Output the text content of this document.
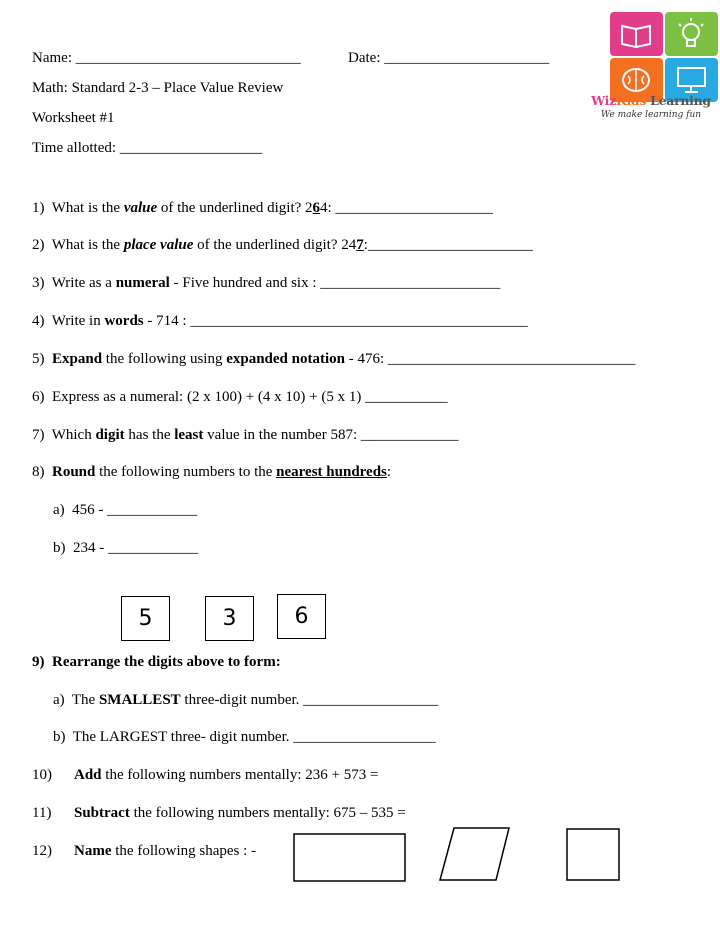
Name: ______________________________	Date: ______________________
Math: Standard 2-3 – Place Value Review
Worksheet #1
Time allotted: ___________________
WizKids Learning
We make learning fun
1) What is the value of the underlined digit? 264: _____________________
2) What is the place value of the underlined digit? 247:______________________
3) Write as a numeral - Five hundred and six : ________________________
4) Write in words - 714 : _____________________________________________
5) Expand the following using expanded notation - 476: _________________________________
6) Express as a numeral: (2 x 100) + (4 x 10) + (5 x 1) ___________
7) Which digit has the least value in the number 587: _____________
8) Round the following numbers to the nearest hundreds:
a) 456 - ____________
b) 234 - ____________
5	3	6
9) Rearrange the digits above to form:
a) The SMALLEST three-digit number. __________________
b) The LARGEST three- digit number. ___________________
10) Add the following numbers mentally: 236 + 573 =
11) Subtract the following numbers mentally: 675 – 535 =
12) Name the following shapes : -
